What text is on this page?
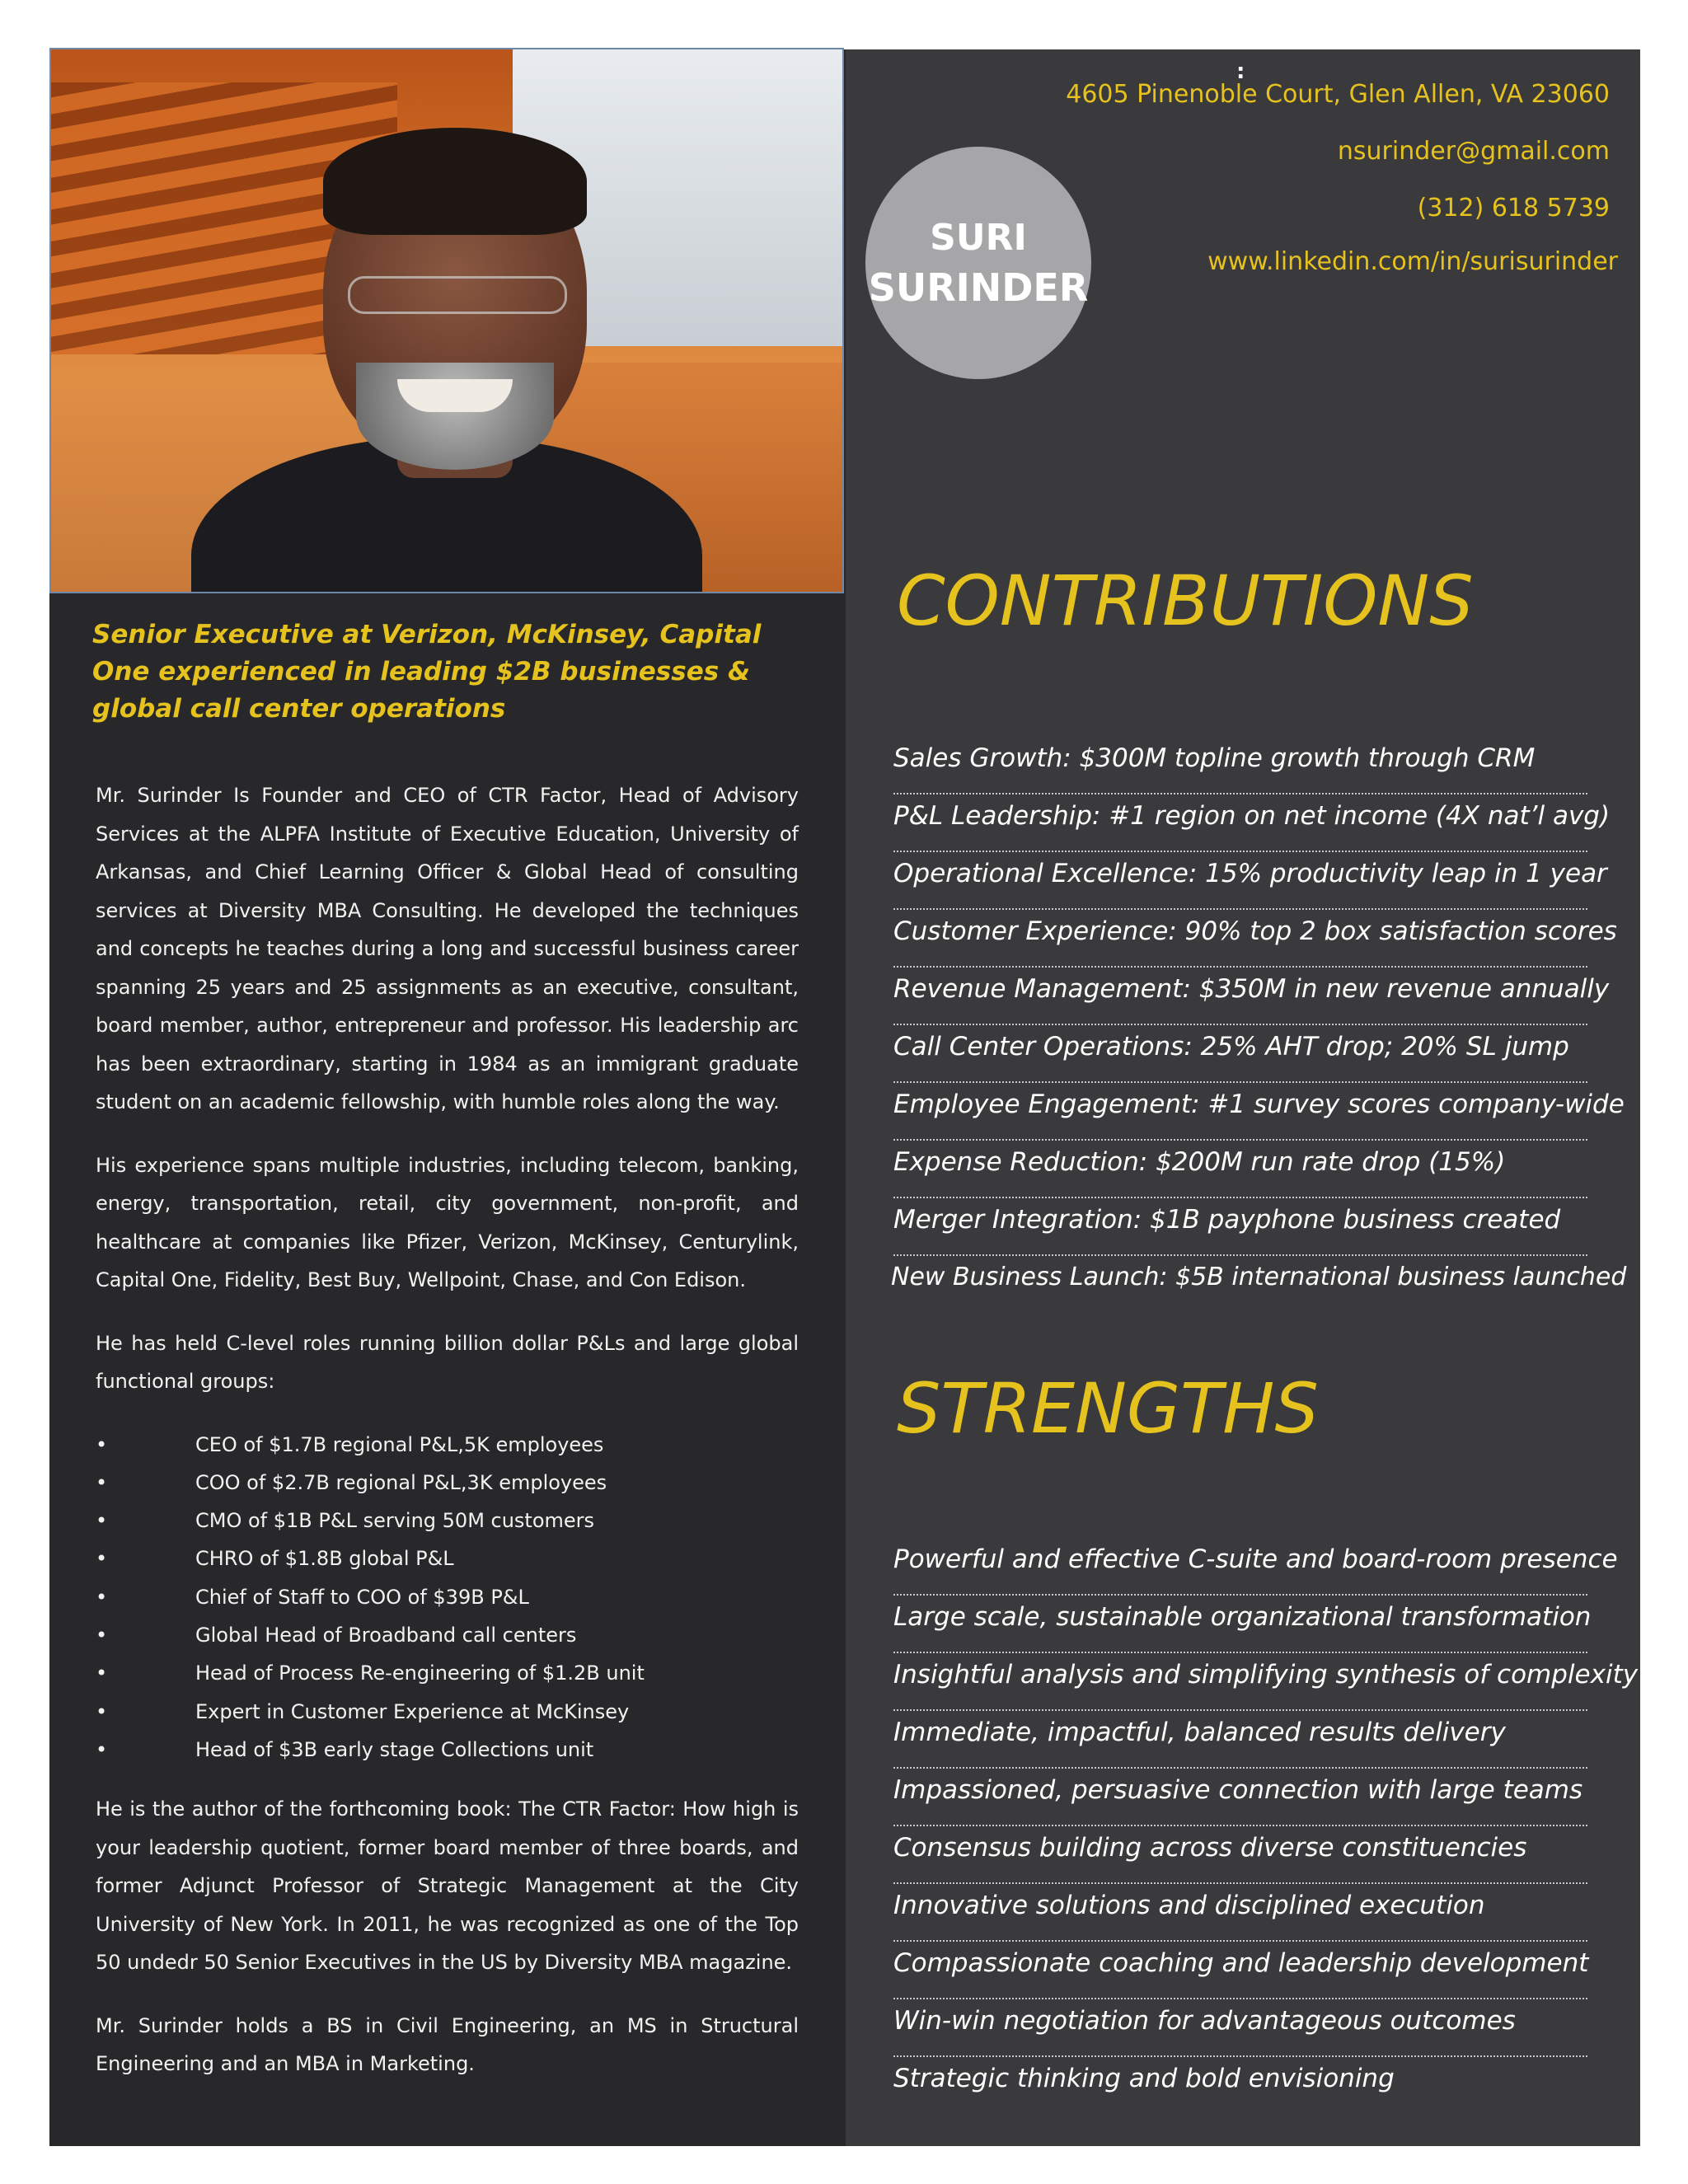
:
4605 Pinenoble Court, Glen Allen, VA 23060
nsurinder@gmail.com
(312) 618 5739
www.linkedin.com/in/surisurinder
SURI
SURINDER
Senior Executive at Verizon, McKinsey, Capital One experienced in leading $2B businesses & global call center operations

Mr. Surinder Is Founder and CEO of CTR Factor, Head of Advisory Services at the ALPFA Institute of Executive Education, University of Arkansas, and Chief Learning Officer & Global Head of consulting services at Diversity MBA Consulting. He developed the techniques and concepts he teaches during a long and successful business career spanning 25 years and 25 assignments as an executive, consultant, board member, author, entrepreneur and professor. His leadership arc has been extraordinary, starting in 1984 as an immigrant graduate student on an academic fellowship, with humble roles along the way.

His experience spans multiple industries, including telecom, banking, energy, transportation, retail, city government, non-profit, and healthcare at companies like Pfizer, Verizon, McKinsey, Centurylink, Capital One, Fidelity, Best Buy, Wellpoint, Chase, and Con Edison.

He has held C-level roles running billion dollar P&Ls and large global functional groups:

• CEO of $1.7B regional P&L,5K employees
• COO of $2.7B regional P&L,3K employees
• CMO of $1B P&L serving 50M customers
• CHRO of $1.8B global P&L
• Chief of Staff to COO of $39B P&L
• Global Head of Broadband call centers
• Head of Process Re-engineering of $1.2B unit
• Expert in Customer Experience at McKinsey
• Head of $3B early stage Collections unit

He is the author of the forthcoming book: The CTR Factor: How high is your leadership quotient, former board member of three boards, and former Adjunct Professor of Strategic Management at the City University of New York. In 2011, he was recognized as one of the Top 50 undedr 50 Senior Executives in the US by Diversity MBA magazine.

Mr. Surinder holds a BS in Civil Engineering, an MS in Structural Engineering and an MBA in Marketing.

CONTRIBUTIONS
Sales Growth: $300M topline growth through CRM
P&L Leadership: #1 region on net income (4X nat’l avg)
Operational Excellence: 15% productivity leap in 1 year
Customer Experience: 90% top 2 box satisfaction scores
Revenue Management: $350M in new revenue annually
Call Center Operations: 25% AHT drop; 20% SL jump
Employee Engagement: #1 survey scores company-wide
Expense Reduction: $200M run rate drop (15%)
Merger Integration: $1B payphone business created
New Business Launch: $5B international business launched
STRENGTHS
Powerful and effective C-suite and board-room presence
Large scale, sustainable organizational transformation
Insightful analysis and simplifying synthesis of complexity
Immediate, impactful, balanced results delivery
Impassioned, persuasive connection with large teams
Consensus building across diverse constituencies
Innovative solutions and disciplined execution
Compassionate coaching and leadership development
Win-win negotiation for advantageous outcomes
Strategic thinking and bold envisioning
